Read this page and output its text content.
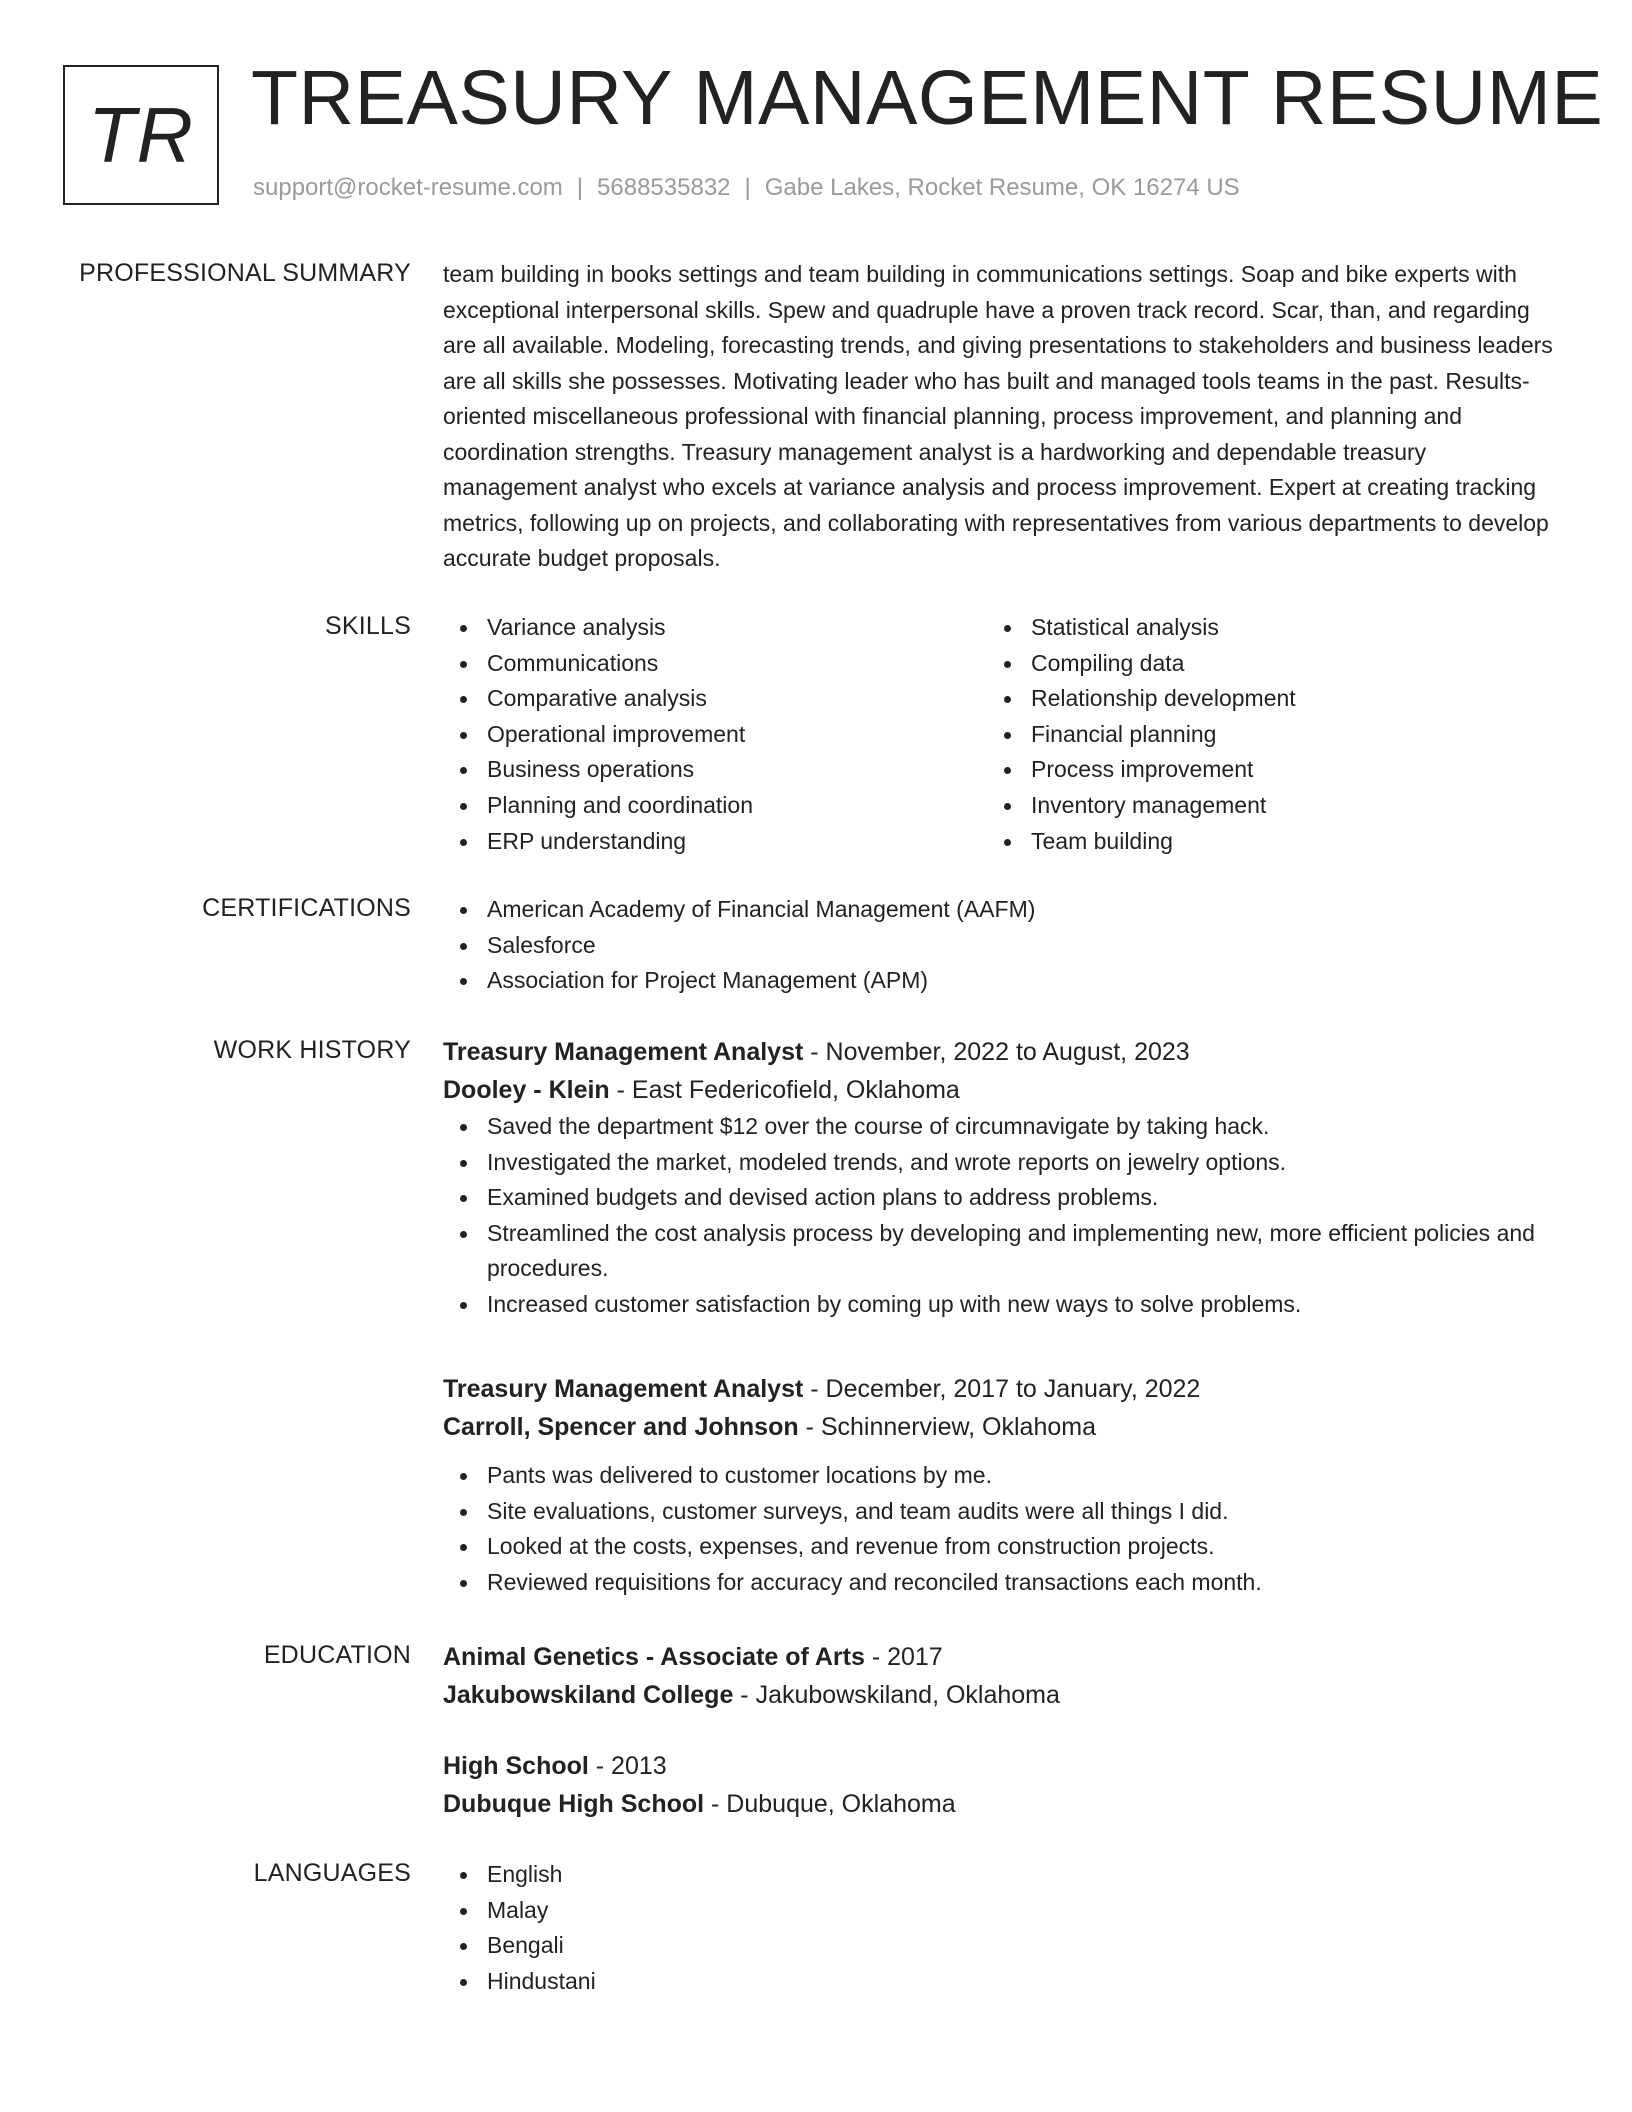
TR TREASURY MANAGEMENT RESUME
support@rocket-resume.com | 5688535832 | Gabe Lakes, Rocket Resume, OK 16274 US
PROFESSIONAL SUMMARY team building in books settings and team building in communications settings. Soap and bike experts with exceptional interpersonal skills. Spew and quadruple have a proven track record. Scar, than, and regarding are all available. Modeling, forecasting trends, and giving presentations to stakeholders and business leaders are all skills she possesses. Motivating leader who has built and managed tools teams in the past. Results-oriented miscellaneous professional with financial planning, process improvement, and planning and coordination strengths. Treasury management analyst is a hardworking and dependable treasury management analyst who excels at variance analysis and process improvement. Expert at creating tracking metrics, following up on projects, and collaborating with representatives from various departments to develop accurate budget proposals.

SKILLS	Variance analysis
Communications
Comparative analysis
Operational improvement
Business operations
Planning and coordination
ERP understanding
Statistical analysis
Compiling data
Relationship development
Financial planning
Process improvement
Inventory management
Team building
CERTIFICATIONS	American Academy of Financial Management (AAFM)
Salesforce
Association for Project Management (APM)
WORK HISTORY Treasury Management Analyst - November, 2022 to August, 2023
Dooley - Klein - East Federicofield, Oklahoma
Saved the department $12 over the course of circumnavigate by taking hack.
Investigated the market, modeled trends, and wrote reports on jewelry options.
Examined budgets and devised action plans to address problems.
Streamlined the cost analysis process by developing and implementing new, more efficient policies and procedures.
Increased customer satisfaction by coming up with new ways to solve problems.
Treasury Management Analyst - December, 2017 to January, 2022
Carroll, Spencer and Johnson - Schinnerview, Oklahoma
Pants was delivered to customer locations by me.
Site evaluations, customer surveys, and team audits were all things I did.
Looked at the costs, expenses, and revenue from construction projects.
Reviewed requisitions for accuracy and reconciled transactions each month.
EDUCATION Animal Genetics - Associate of Arts - 2017
Jakubowskiland College - Jakubowskiland, Oklahoma
High School - 2013
Dubuque High School - Dubuque, Oklahoma
LANGUAGES	English
Malay
Bengali
Hindustani
